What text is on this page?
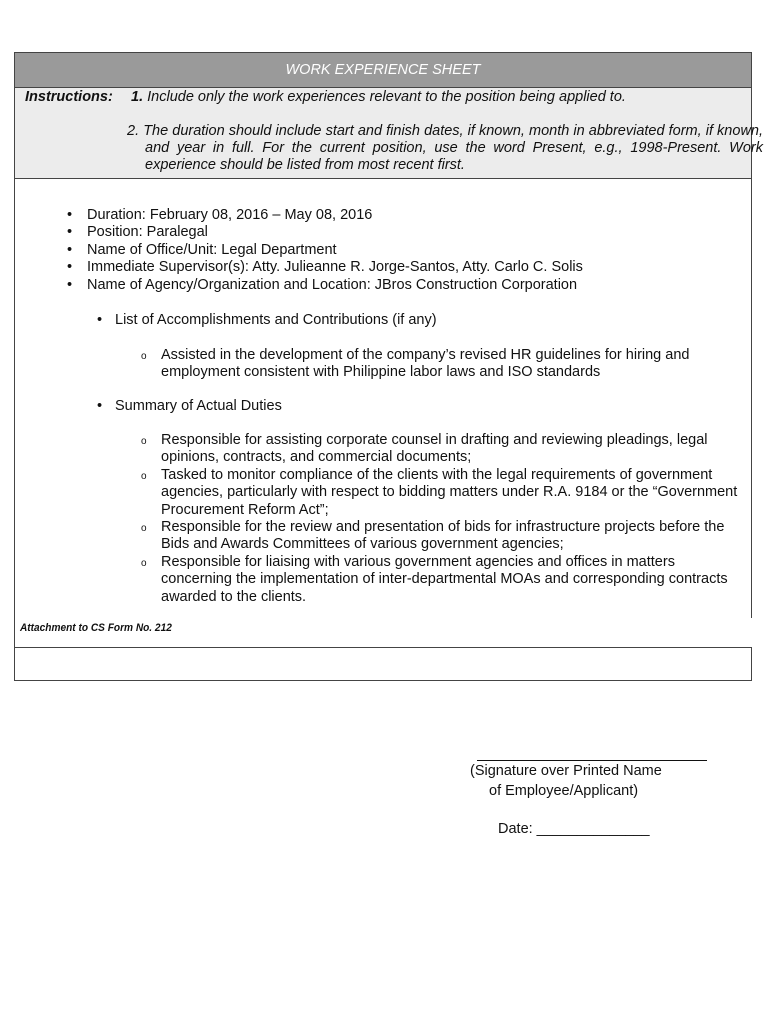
WORK EXPERIENCE SHEET
Instructions: 1. Include only the work experiences relevant to the position being applied to.
2. The duration should include start and finish dates, if known, month in abbreviated form, if known, and year in full. For the current position, use the word Present, e.g., 1998-Present. Work experience should be listed from most recent first.
• Duration: February 08, 2016 – May 08, 2016
• Position: Paralegal
• Name of Office/Unit: Legal Department
• Immediate Supervisor(s): Atty. Julieanne R. Jorge-Santos, Atty. Carlo C. Solis
• Name of Agency/Organization and Location: JBros Construction Corporation
• List of Accomplishments and Contributions (if any)
o Assisted in the development of the company’s revised HR guidelines for hiring and employment consistent with Philippine labor laws and ISO standards
• Summary of Actual Duties
o Responsible for assisting corporate counsel in drafting and reviewing pleadings, legal opinions, contracts, and commercial documents;
o Tasked to monitor compliance of the clients with the legal requirements of government agencies, particularly with respect to bidding matters under R.A. 9184 or the “Government Procurement Reform Act”;
o Responsible for the review and presentation of bids for infrastructure projects before the Bids and Awards Committees of various government agencies;
o Responsible for liaising with various government agencies and offices in matters concerning the implementation of inter-departmental MOAs and corresponding contracts awarded to the clients.
Attachment to CS Form No. 212
(Signature over Printed Name
of Employee/Applicant)
Date: ______________
